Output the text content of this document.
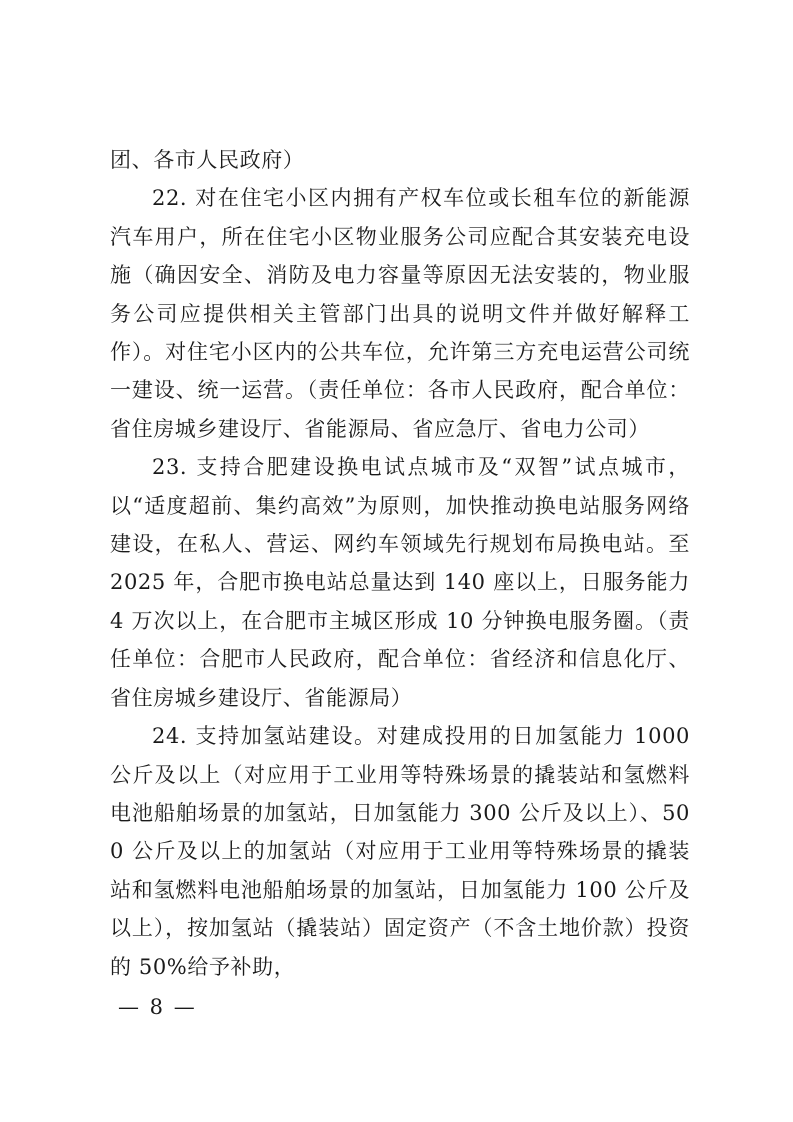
团、各市人民政府）

22. 对在住宅小区内拥有产权车位或长租车位的新能源汽车用户，所在住宅小区物业服务公司应配合其安装充电设施（确因安全、消防及电力容量等原因无法安装的，物业服务公司应提供相关主管部门出具的说明文件并做好解释工作）。对住宅小区内的公共车位，允许第三方充电运营公司统一建设、统一运营。（责任单位：各市人民政府，配合单位：省住房城乡建设厅、省能源局、省应急厅、省电力公司）

23. 支持合肥建设换电试点城市及“双智”试点城市，以“适度超前、集约高效”为原则，加快推动换电站服务网络建设，在私人、营运、网约车领域先行规划布局换电站。至 2025 年，合肥市换电站总量达到 140 座以上，日服务能力 4 万次以上，在合肥市主城区形成 10 分钟换电服务圈。（责任单位：合肥市人民政府，配合单位：省经济和信息化厅、省住房城乡建设厅、省能源局）

24. 支持加氢站建设。对建成投用的日加氢能力 1000 公斤及以上（对应用于工业用等特殊场景的撬装站和氢燃料电池船舶场景的加氢站，日加氢能力 300 公斤及以上）、500 公斤及以上的加氢站（对应用于工业用等特殊场景的撬装站和氢燃料电池船舶场景的加氢站，日加氢能力 100 公斤及以上），按加氢站（撬装站）固定资产（不含土地价款）投资的 50%给予补助，

— 8 —
